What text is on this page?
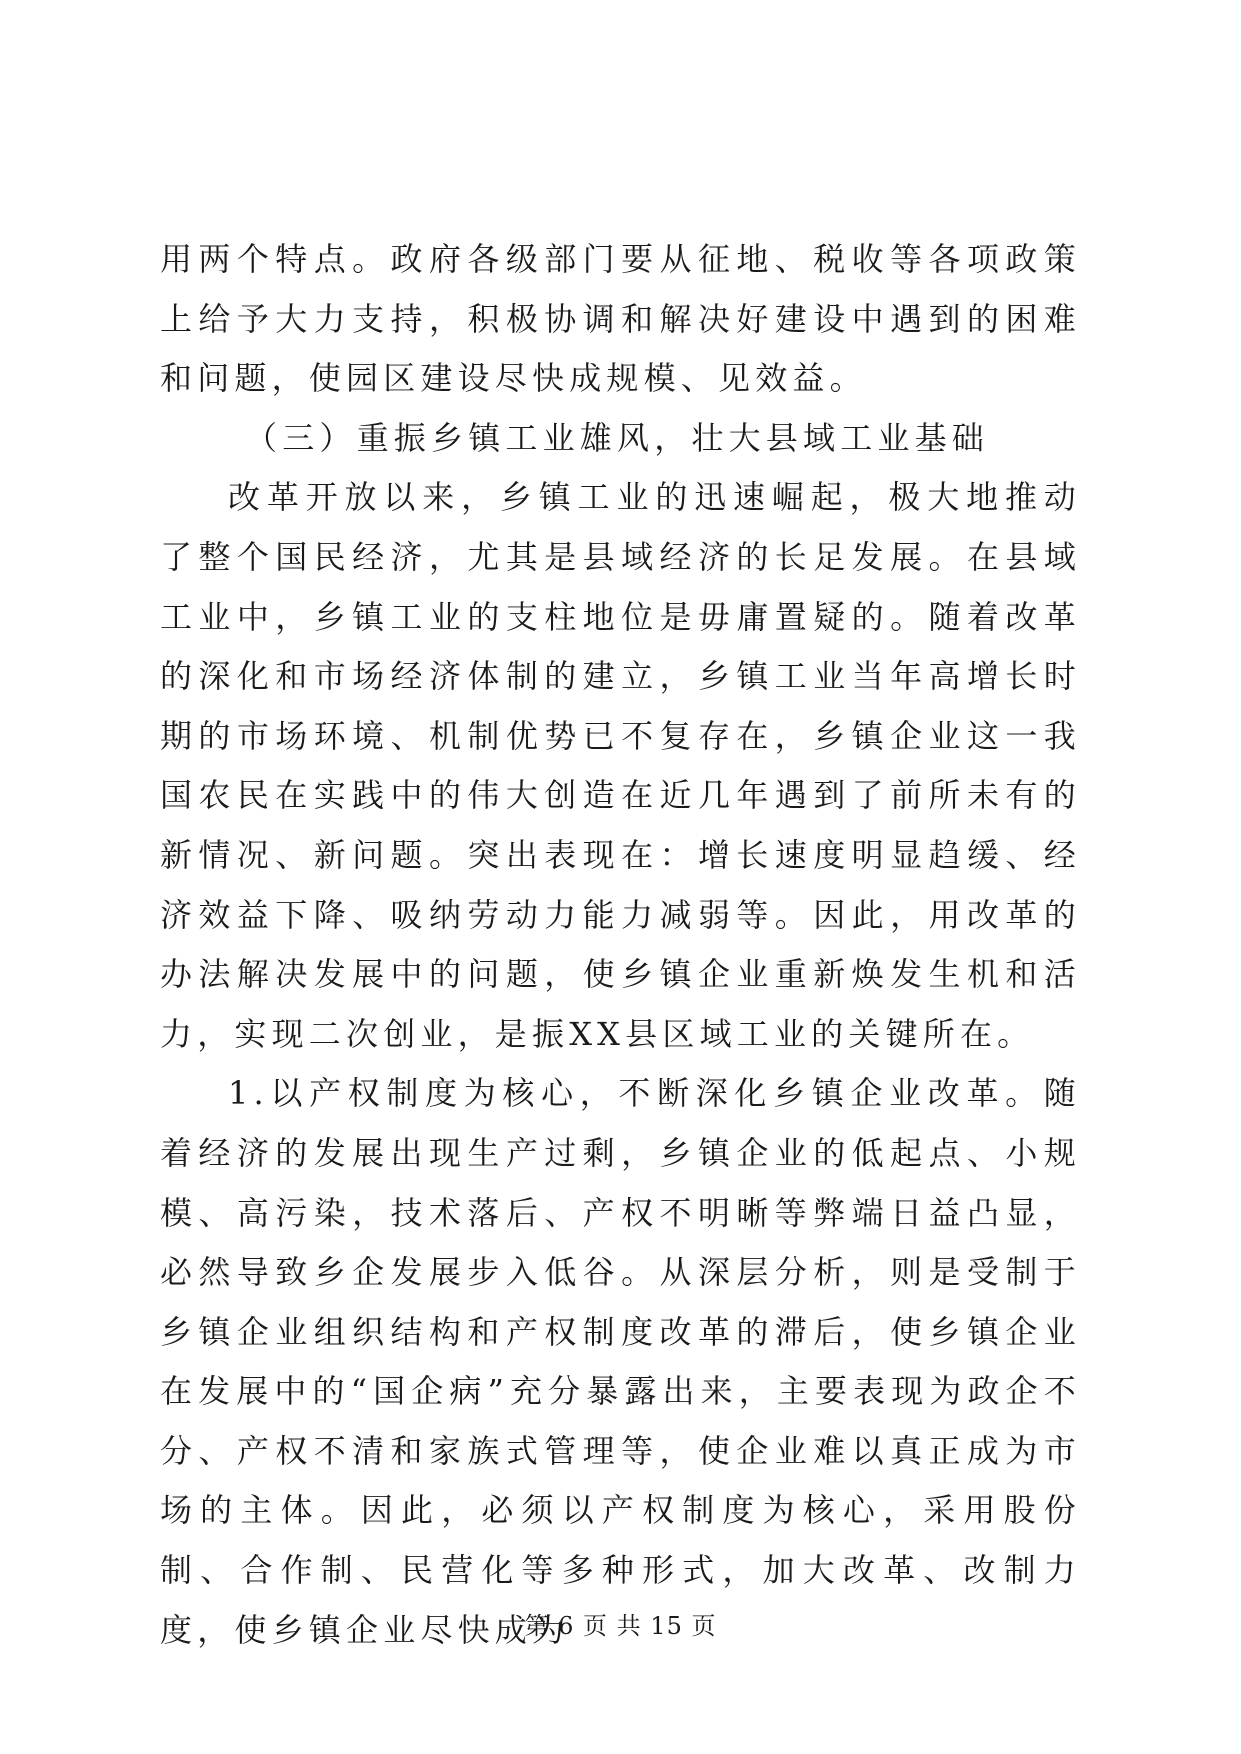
用两个特点。政府各级部门要从征地、税收等各项政策上给予大力支持，积极协调和解决好建设中遇到的困难和问题，使园区建设尽快成规模、见效益。

（三）重振乡镇工业雄风，壮大县域工业基础

改革开放以来，乡镇工业的迅速崛起，极大地推动了整个国民经济，尤其是县域经济的长足发展。在县域工业中，乡镇工业的支柱地位是毋庸置疑的。随着改革的深化和市场经济体制的建立，乡镇工业当年高增长时期的市场环境、机制优势已不复存在，乡镇企业这一我国农民在实践中的伟大创造在近几年遇到了前所未有的新情况、新问题。突出表现在：增长速度明显趋缓、经济效益下降、吸纳劳动力能力减弱等。因此，用改革的办法解决发展中的问题，使乡镇企业重新焕发生机和活力，实现二次创业，是振XX县区域工业的关键所在。

1.以产权制度为核心，不断深化乡镇企业改革。随着经济的发展出现生产过剩，乡镇企业的低起点、小规模、高污染，技术落后、产权不明晰等弊端日益凸显，必然导致乡企发展步入低谷。从深层分析，则是受制于乡镇企业组织结构和产权制度改革的滞后，使乡镇企业在发展中的“国企病”充分暴露出来，主要表现为政企不分、产权不清和家族式管理等，使企业难以真正成为市场的主体。因此，必须以产权制度为核心，采用股份制、合作制、民营化等多种形式，加大改革、改制力度，使乡镇企业尽快成为

第 6 页 共 15 页
